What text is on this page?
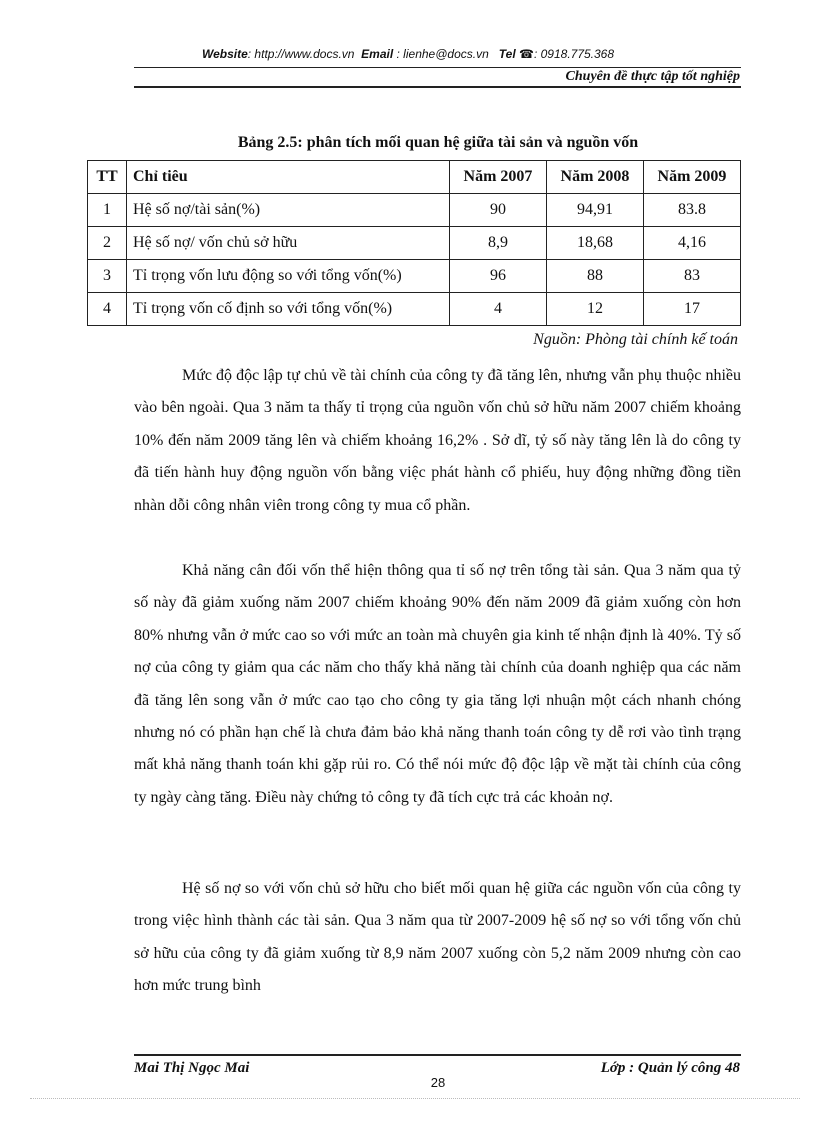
Website: http://www.docs.vn Email : lienhe@docs.vn Tel ☎: 0918.775.368
Chuyên đề thực tập tốt nghiệp
Bảng 2.5: phân tích mối quan hệ giữa tài sản và nguồn vốn
TT	Chỉ tiêu	Năm 2007	Năm 2008	Năm 2009
1	Hệ số nợ/tài sản(%)	90	94,91	83.8
2	Hệ số nợ/ vốn chủ sở hữu	8,9	18,68	4,16
3	Tỉ trọng vốn lưu động so với tổng vốn(%)	96	88	83
4	Tỉ trọng vốn cố định so với tổng vốn(%)	4	12	17
Nguồn: Phòng tài chính kế toán

Mức độ độc lập tự chủ về tài chính của công ty đã tăng lên, nhưng vẫn phụ thuộc nhiều vào bên ngoài. Qua 3 năm ta thấy tỉ trọng của nguồn vốn chủ sở hữu năm 2007 chiếm khoảng 10% đến năm 2009 tăng lên và chiếm khoảng 16,2% . Sở dĩ, tỷ số này tăng lên là do công ty đã tiến hành huy động nguồn vốn bằng việc phát hành cổ phiếu, huy động những đồng tiền nhàn dỗi công nhân viên trong công ty mua cổ phần.

Khả năng cân đối vốn thể hiện thông qua tỉ số nợ trên tổng tài sản. Qua 3 năm qua tỷ số này đã giảm xuống năm 2007 chiếm khoảng 90% đến năm 2009 đã giảm xuống còn hơn 80% nhưng vẫn ở mức cao so với mức an toàn mà chuyên gia kinh tế nhận định là 40%. Tỷ số nợ của công ty giảm qua các năm cho thấy khả năng tài chính của doanh nghiệp qua các năm đã tăng lên song vẫn ở mức cao tạo cho công ty gia tăng lợi nhuận một cách nhanh chóng nhưng nó có phần hạn chế là chưa đảm bảo khả năng thanh toán công ty dễ rơi vào tình trạng mất khả năng thanh toán khi gặp rủi ro. Có thể nói mức độ độc lập về mặt tài chính của công ty ngày càng tăng. Điều này chứng tỏ công ty đã tích cực trả các khoản nợ.

Hệ số nợ so với vốn chủ sở hữu cho biết mối quan hệ giữa các nguồn vốn của công ty trong việc hình thành các tài sản. Qua 3 năm qua từ 2007-2009 hệ số nợ so với tổng vốn chủ sở hữu của công ty đã giảm xuống từ 8,9 năm 2007 xuống còn 5,2 năm 2009 nhưng còn cao hơn mức trung bình

Mai Thị Ngọc Mai	Lớp : Quản lý công 48
28
